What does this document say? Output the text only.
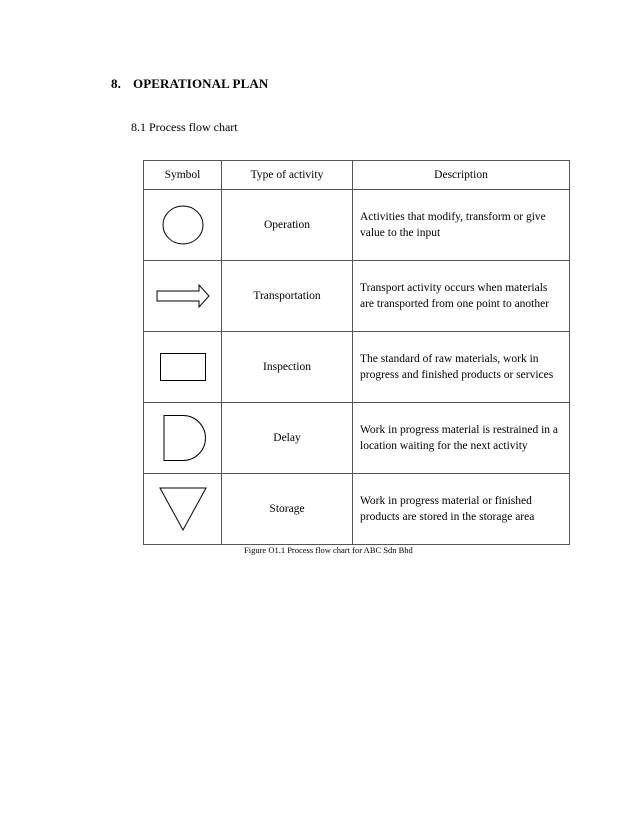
8. OPERATIONAL PLAN
8.1 Process flow chart
Symbol	Type of activity	Description

	Operation	Activities that modify, transform or give value to the input

	Transportation	Transport activity occurs when materials are transported from one point to another

	Inspection	The standard of raw materials, work in progress and finished products or services

	Delay	Work in progress material is restrained in a location waiting for the next activity

	Storage	Work in progress material or finished products are stored in the storage area
Figure O1.1 Process flow chart for ABC Sdn Bhd
